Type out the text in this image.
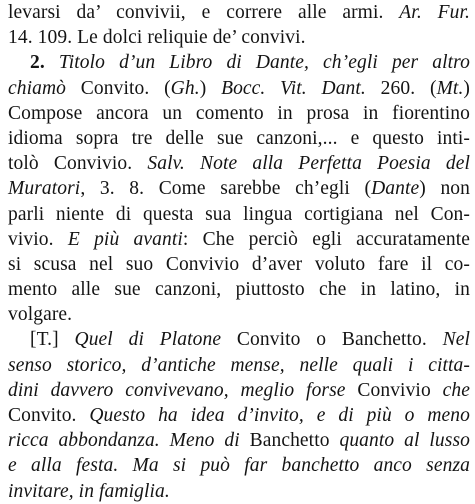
levarsi da’ convivii, e correre alle armi. Ar. Fur.
14. 109. Le dolci reliquie de’ convivi.
2. Titolo d’un Libro di Dante, ch’egli per altro
chiamò Convito. (Gh.) Bocc. Vit. Dant. 260. (Mt.)
Compose ancora un comento in prosa in fiorentino
idioma sopra tre delle sue canzoni,... e questo inti-
tolò Convivio. Salv. Note alla Perfetta Poesia del
Muratori, 3. 8. Come sarebbe ch’egli (Dante) non
parli niente di questa sua lingua cortigiana nel Con-
vivio. E più avanti: Che perciò egli accuratamente
si scusa nel suo Convivio d’aver voluto fare il co-
mento alle sue canzoni, piuttosto che in latino, in
volgare.
[T.] Quel di Platone Convito o Banchetto. Nel
senso storico, d’antiche mense, nelle quali i citta-
dini davvero convivevano, meglio forse Convivio che
Convito. Questo ha idea d’invito, e di più o meno
ricca abbondanza. Meno di Banchetto quanto al lusso
e alla festa. Ma si può far banchetto anco senza
invitare, in famiglia.
